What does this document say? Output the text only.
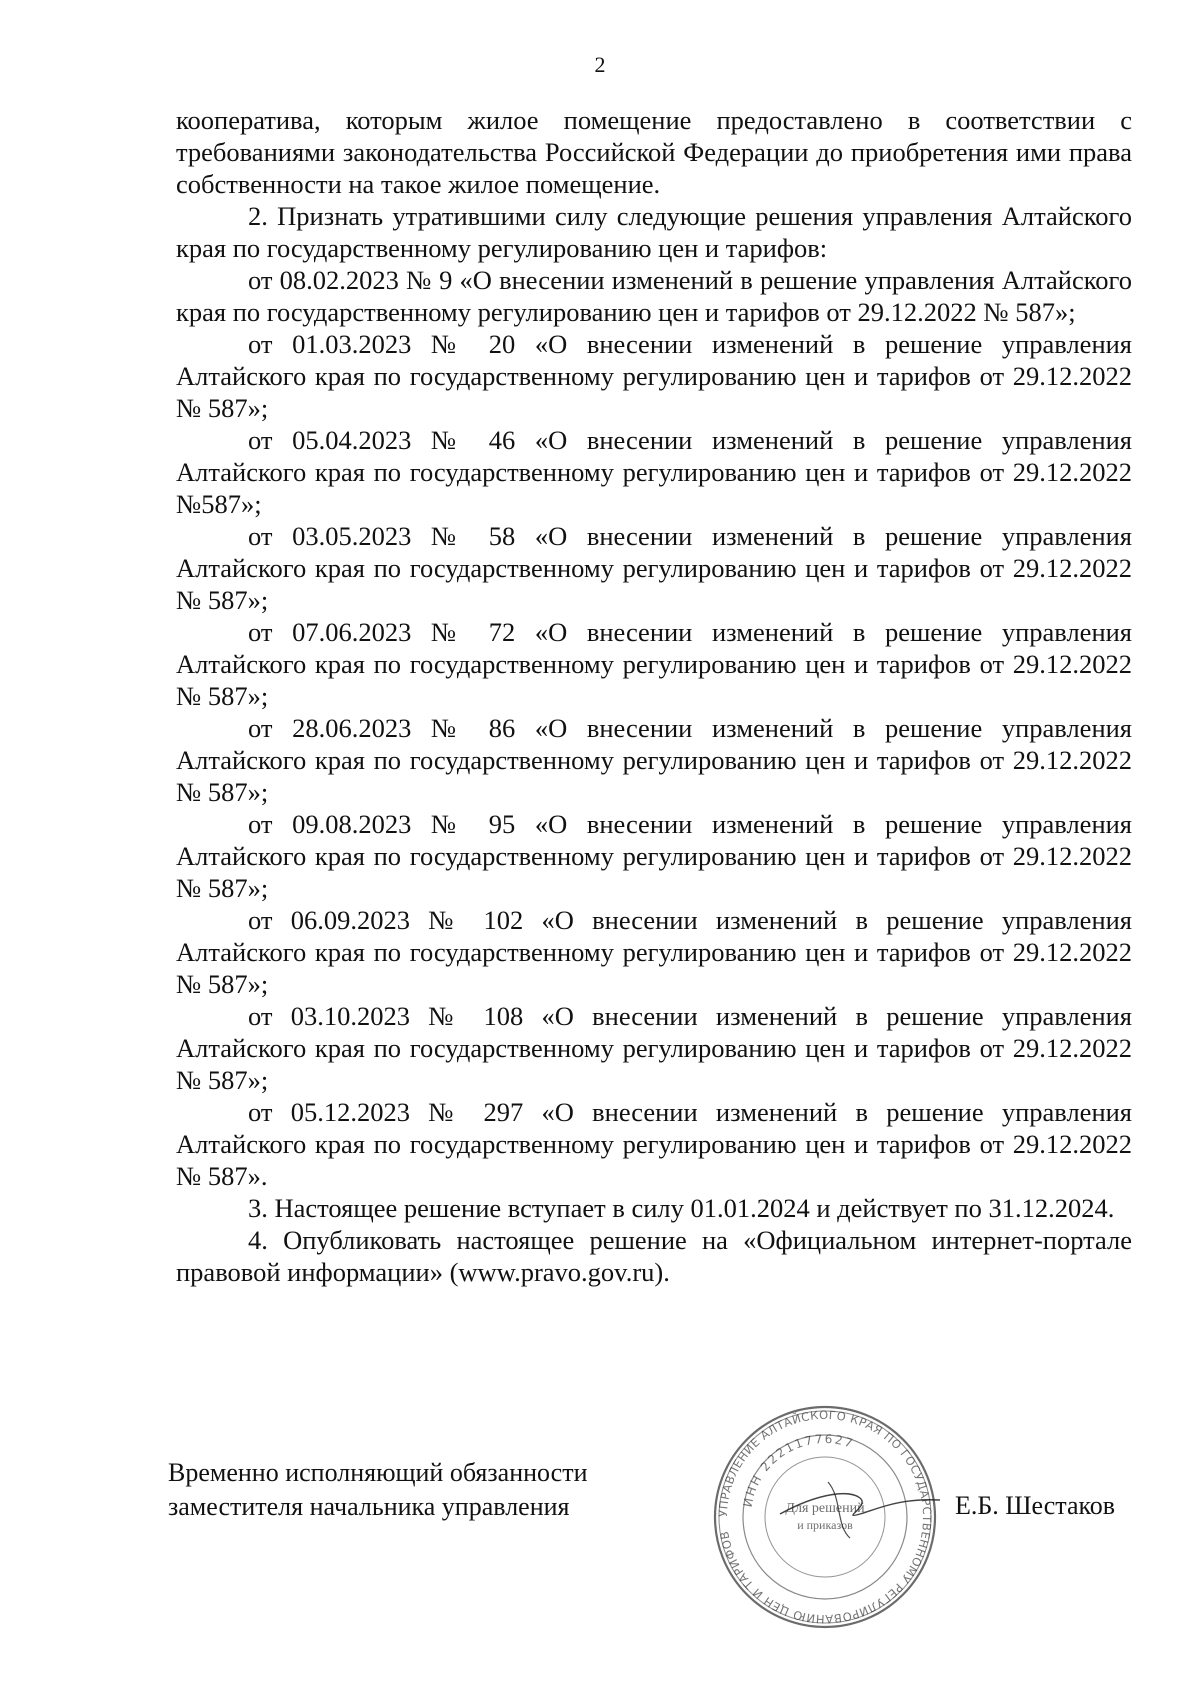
2

кооператива, которым жилое помещение предоставлено в соответствии с требованиями законодательства Российской Федерации до приобретения ими права собственности на такое жилое помещение.

2. Признать утратившими силу следующие решения управления Алтайского края по государственному регулированию цен и тарифов:

от 08.02.2023 № 9 «О внесении изменений в решение управления Алтайского края по государственному регулированию цен и тарифов от 29.12.2022 № 587»;

от 01.03.2023 № 20 «О внесении изменений в решение управления Алтайского края по государственному регулированию цен и тарифов от 29.12.2022 № 587»;

от 05.04.2023 № 46 «О внесении изменений в решение управления Алтайского края по государственному регулированию цен и тарифов от 29.12.2022 №587»;

от 03.05.2023 № 58 «О внесении изменений в решение управления Алтайского края по государственному регулированию цен и тарифов от 29.12.2022 № 587»;

от 07.06.2023 № 72 «О внесении изменений в решение управления Алтайского края по государственному регулированию цен и тарифов от 29.12.2022 № 587»;

от 28.06.2023 № 86 «О внесении изменений в решение управления Алтайского края по государственному регулированию цен и тарифов от 29.12.2022 № 587»;

от 09.08.2023 № 95 «О внесении изменений в решение управления Алтайского края по государственному регулированию цен и тарифов от 29.12.2022 № 587»;

от 06.09.2023 № 102 «О внесении изменений в решение управления Алтайского края по государственному регулированию цен и тарифов от 29.12.2022 № 587»;

от 03.10.2023 № 108 «О внесении изменений в решение управления Алтайского края по государственному регулированию цен и тарифов от 29.12.2022 № 587»;

от 05.12.2023 № 297 «О внесении изменений в решение управления Алтайского края по государственному регулированию цен и тарифов от 29.12.2022 № 587».

3. Настоящее решение вступает в силу 01.01.2024 и действует по 31.12.2024.

4. Опубликовать настоящее решение на «Официальном интернет-портале правовой информации» (www.pravo.gov.ru).

УПРАВЛЕНИЕ АЛТАЙСКОГО КРАЯ ПО ГОСУДАРСТВЕННОМУ РЕГУЛИРОВАНИЮ ЦЕН И ТАРИФОВ
ИНН 2221177627
Для решений
и приказов
Временно исполняющий обязанности
заместителя начальника управления	Е.Б. Шестаков
